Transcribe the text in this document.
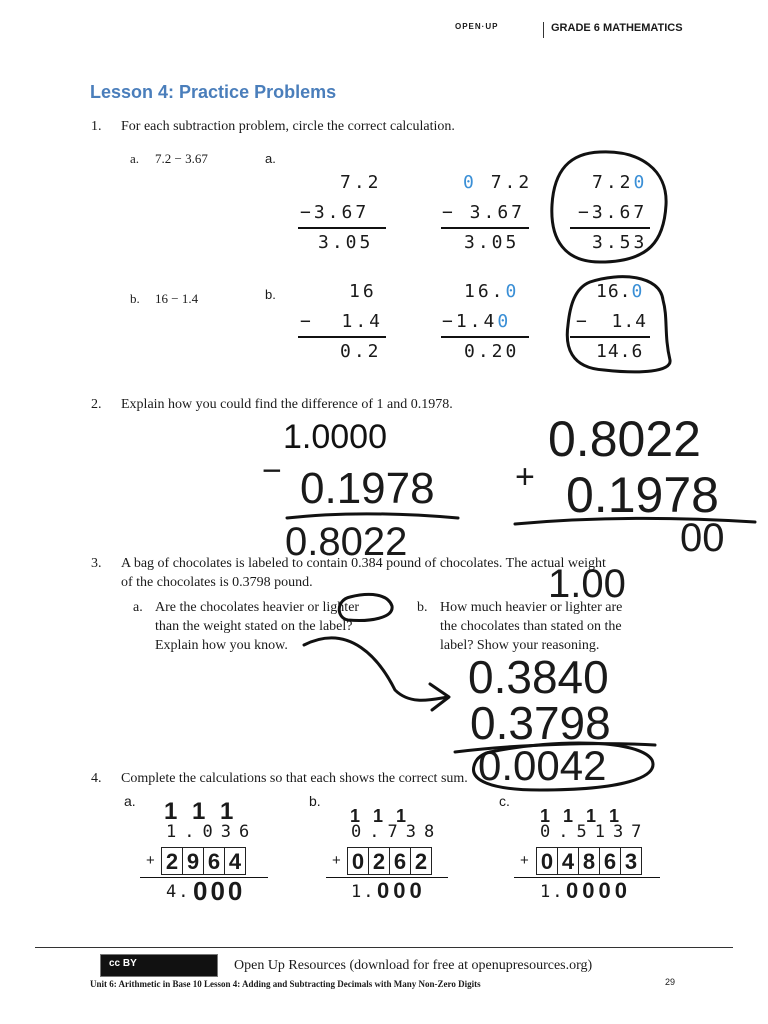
OPEN·UP	GRADE 6 MATHEMATICS
Lesson 4: Practice Problems
1. For each subtraction problem, circle the correct calculation.
a. 7.2 − 3.67	a.
7.2
−3.67
3.05
0 7.2
− 3.67
3.05
7.20
−3.67
3.53
b. 16 − 1.4	b.	16
−  1.4
0.2
16.0
−1.40
0.20
16.0
−  1.4
14.6
2. Explain how you could find the difference of 1 and 0.1978.
1.0000
− 0.1978
0.8022
0.8022
+ 0.1978
00
3. A bag of chocolates is labeled to contain 0.384 pound of chocolates. The actual weight
of the chocolates is 0.3798 pound.
a. Are the chocolates heavier or lighter
than the weight stated on the label?
Explain how you know.
b. How much heavier or lighter are
the chocolates than stated on the
label? Show your reasoning.
1.00
0.3840
0.3798
0.0042
4. Complete the calculations so that each shows the correct sum.
a. 111
1.036
+ 2 9 6 4
4. 000
b.
111
0.738
+ 0 2 6 2
1. 000
c.
1111
0.5137
+ 0 4 8 6 3
1. 0000
cc BY	Open Up Resources (download for free at openupresources.org)
Unit 6: Arithmetic in Base 10 Lesson 4: Adding and Subtracting Decimals with Many Non-Zero Digits	29
